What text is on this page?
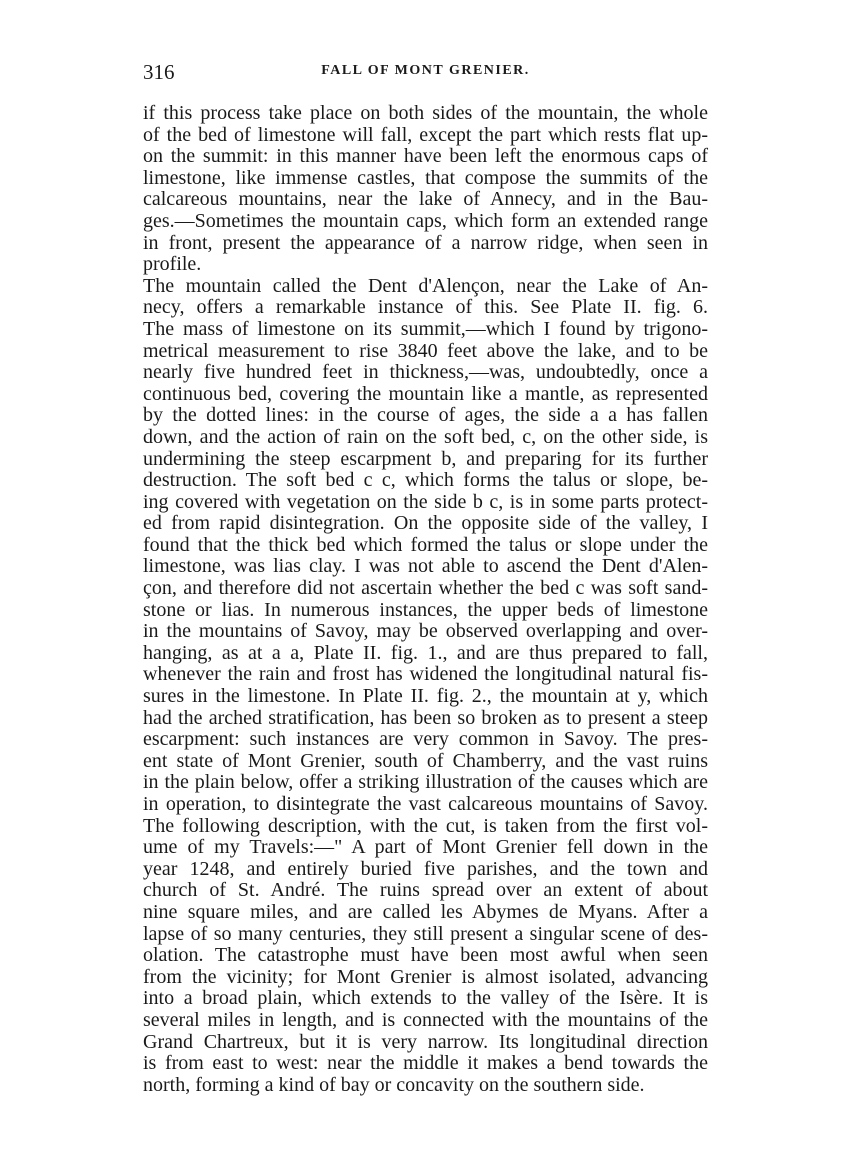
316	FALL OF MONT GRENIER.
if this process take place on both sides of the mountain, the whole
of the bed of limestone will fall, except the part which rests flat up-
on the summit: in this manner have been left the enormous caps of
limestone, like immense castles, that compose the summits of the
calcareous mountains, near the lake of Annecy, and in the Bau-
ges.—Sometimes the mountain caps, which form an extended range
in front, present the appearance of a narrow ridge, when seen in
profile.
The mountain called the Dent d'Alençon, near the Lake of An-
necy, offers a remarkable instance of this. See Plate II. fig. 6.
The mass of limestone on its summit,—which I found by trigono-
metrical measurement to rise 3840 feet above the lake, and to be
nearly five hundred feet in thickness,—was, undoubtedly, once a
continuous bed, covering the mountain like a mantle, as represented
by the dotted lines: in the course of ages, the side a a has fallen
down, and the action of rain on the soft bed, c, on the other side, is
undermining the steep escarpment b, and preparing for its further
destruction. The soft bed c c, which forms the talus or slope, be-
ing covered with vegetation on the side b c, is in some parts protect-
ed from rapid disintegration. On the opposite side of the valley, I
found that the thick bed which formed the talus or slope under the
limestone, was lias clay. I was not able to ascend the Dent d'Alen-
çon, and therefore did not ascertain whether the bed c was soft sand-
stone or lias. In numerous instances, the upper beds of limestone
in the mountains of Savoy, may be observed overlapping and over-
hanging, as at a a, Plate II. fig. 1., and are thus prepared to fall,
whenever the rain and frost has widened the longitudinal natural fis-
sures in the limestone. In Plate II. fig. 2., the mountain at y, which
had the arched stratification, has been so broken as to present a steep
escarpment: such instances are very common in Savoy. The pres-
ent state of Mont Grenier, south of Chamberry, and the vast ruins
in the plain below, offer a striking illustration of the causes which are
in operation, to disintegrate the vast calcareous mountains of Savoy.
The following description, with the cut, is taken from the first vol-
ume of my Travels:—" A part of Mont Grenier fell down in the
year 1248, and entirely buried five parishes, and the town and
church of St. André. The ruins spread over an extent of about
nine square miles, and are called les Abymes de Myans. After a
lapse of so many centuries, they still present a singular scene of des-
olation. The catastrophe must have been most awful when seen
from the vicinity; for Mont Grenier is almost isolated, advancing
into a broad plain, which extends to the valley of the Isère. It is
several miles in length, and is connected with the mountains of the
Grand Chartreux, but it is very narrow. Its longitudinal direction
is from east to west: near the middle it makes a bend towards the
north, forming a kind of bay or concavity on the southern side.
